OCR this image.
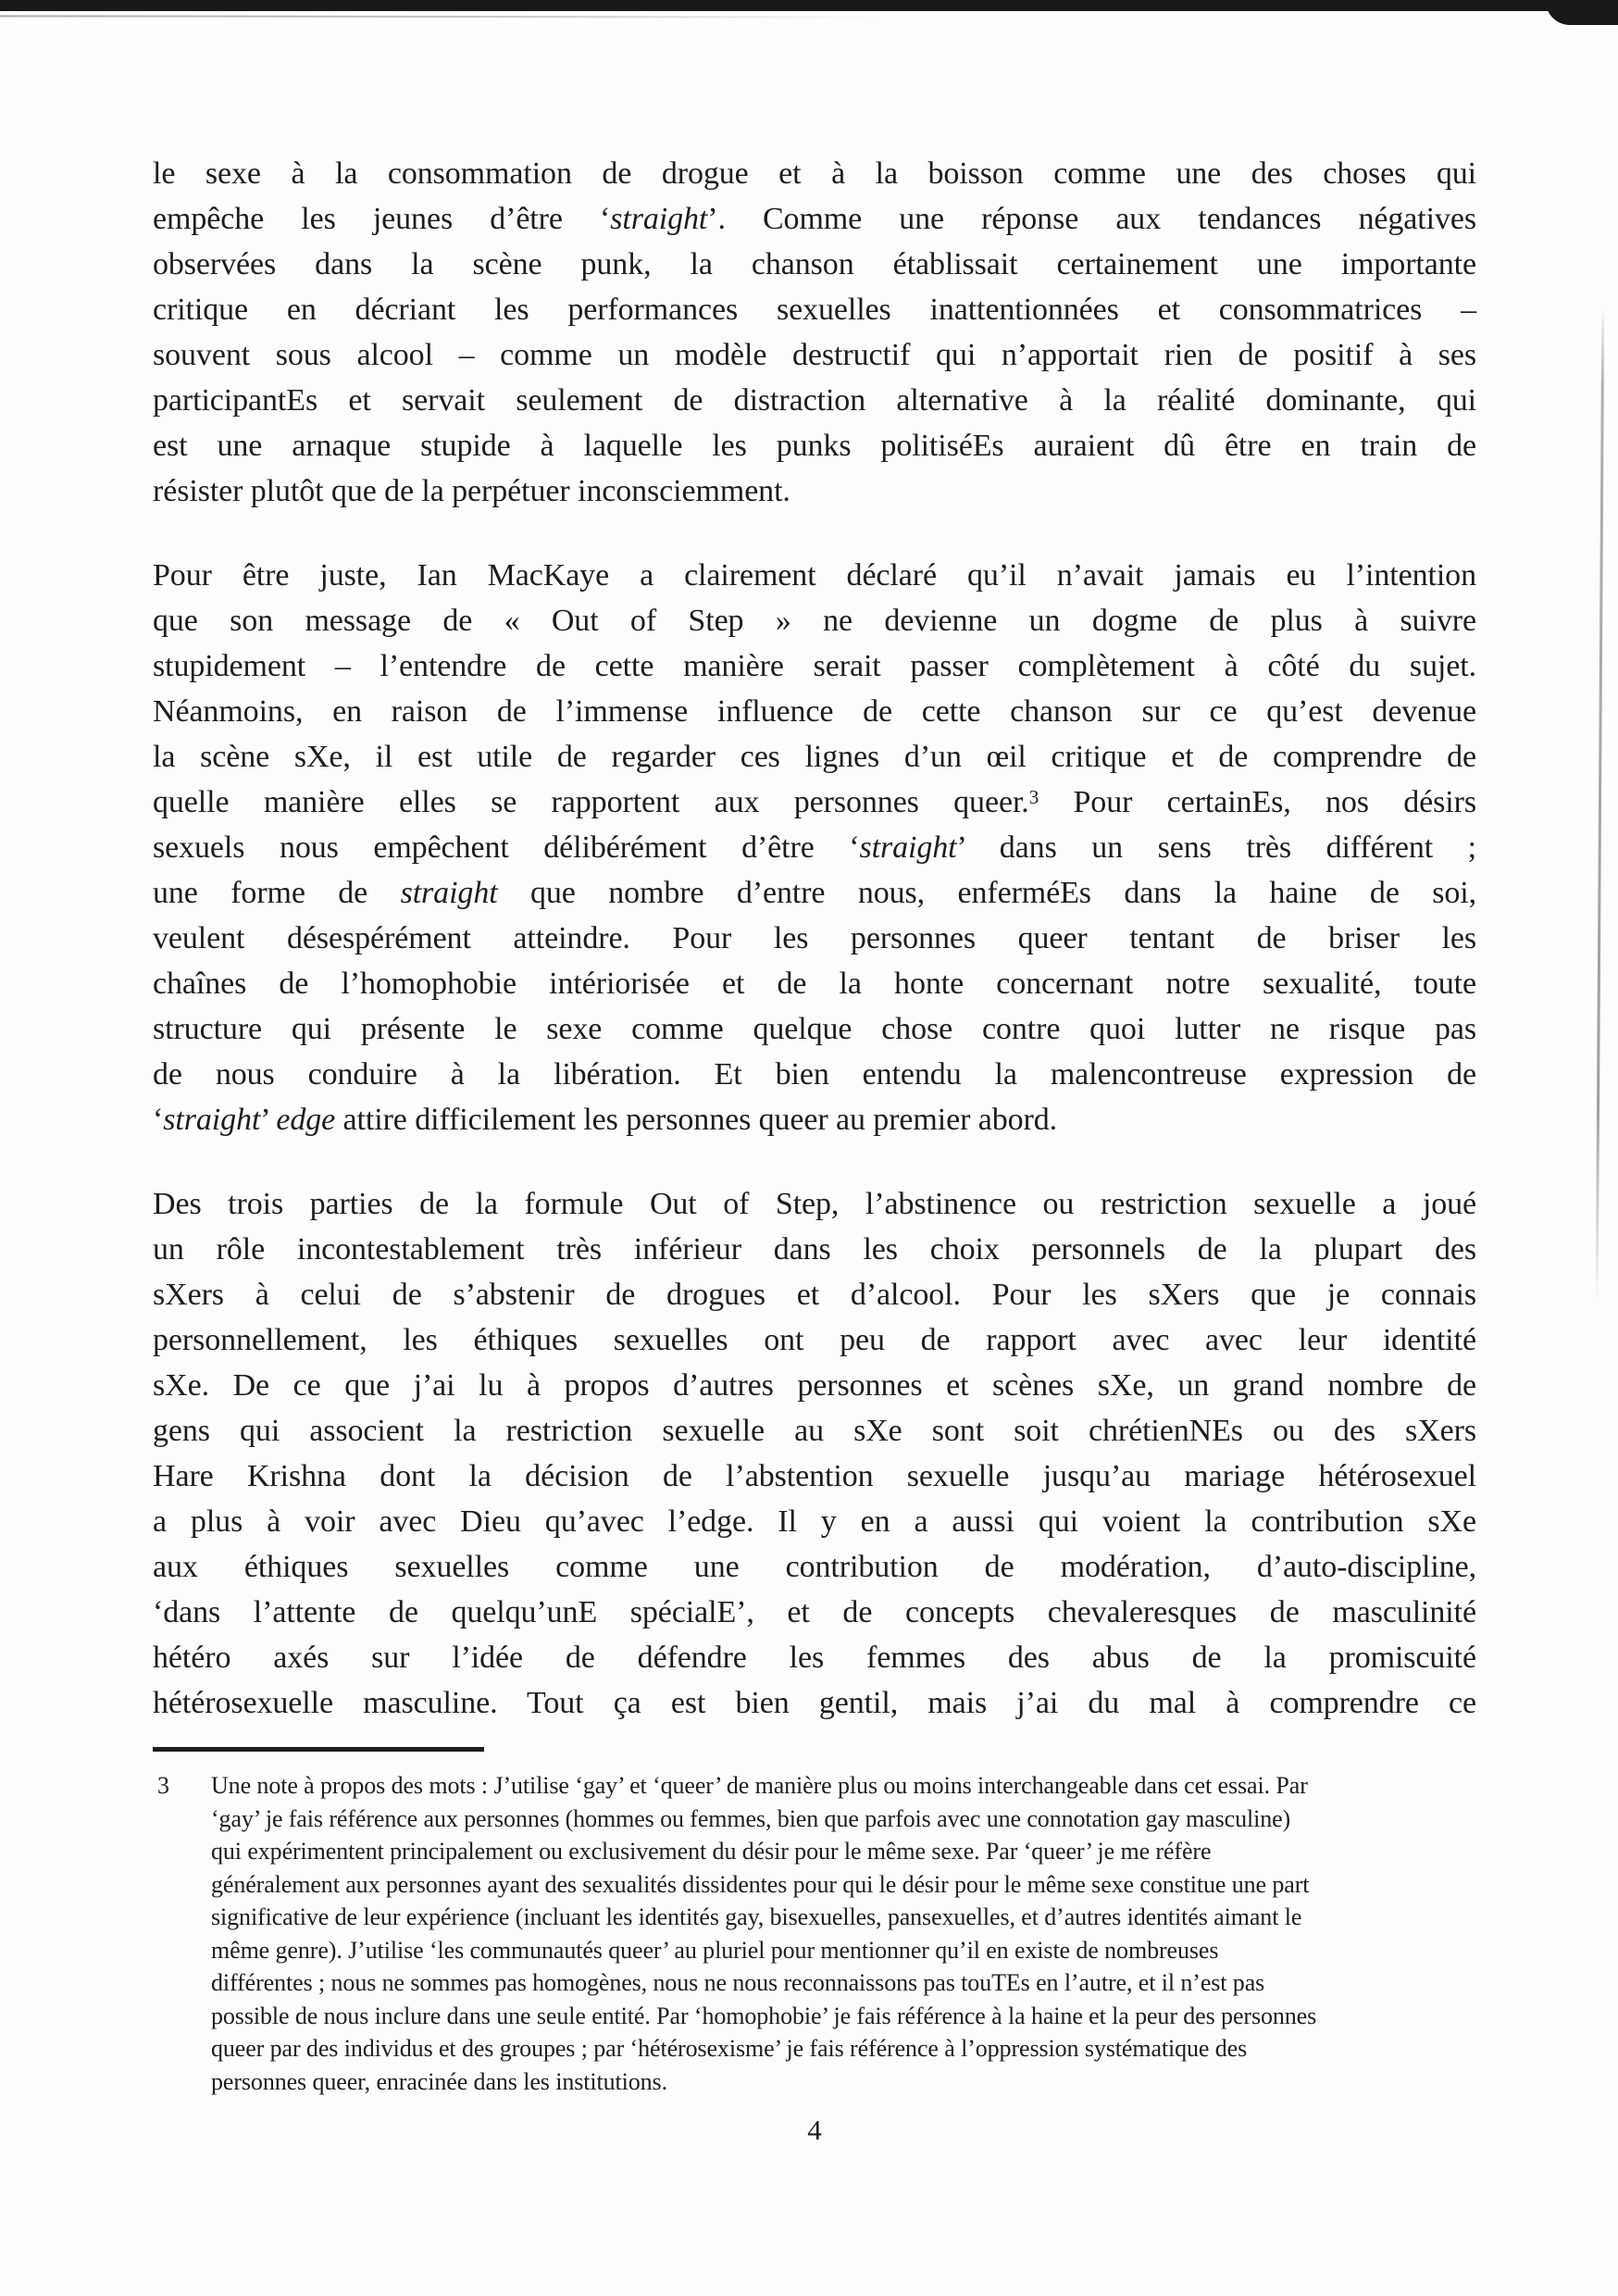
le sexe à la consommation de drogue et à la boisson comme une des choses qui
empêche les jeunes d’être ‘straight’. Comme une réponse aux tendances négatives
observées dans la scène punk, la chanson établissait certainement une importante
critique en décriant les performances sexuelles inattentionnées et consommatrices –
souvent sous alcool – comme un modèle destructif qui n’apportait rien de positif à ses
participantEs et servait seulement de distraction alternative à la réalité dominante, qui
est une arnaque stupide à laquelle les punks politiséEs auraient dû être en train de
résister plutôt que de la perpétuer inconsciemment.
Pour être juste, Ian MacKaye a clairement déclaré qu’il n’avait jamais eu l’intention
que son message de « Out of Step » ne devienne un dogme de plus à suivre
stupidement – l’entendre de cette manière serait passer complètement à côté du sujet.
Néanmoins, en raison de l’immense influence de cette chanson sur ce qu’est devenue
la scène sXe, il est utile de regarder ces lignes d’un œil critique et de comprendre de
quelle manière elles se rapportent aux personnes queer.$^3$ Pour certainEs, nos désirs
sexuels nous empêchent délibérément d’être ‘straight’ dans un sens très différent ;
une forme de straight que nombre d’entre nous, enferméEs dans la haine de soi,
veulent désespérément atteindre. Pour les personnes queer tentant de briser les
chaînes de l’homophobie intériorisée et de la honte concernant notre sexualité, toute
structure qui présente le sexe comme quelque chose contre quoi lutter ne risque pas
de nous conduire à la libération. Et bien entendu la malencontreuse expression de
‘straight’ edge attire difficilement les personnes queer au premier abord.
Des trois parties de la formule Out of Step, l’abstinence ou restriction sexuelle a joué
un rôle incontestablement très inférieur dans les choix personnels de la plupart des
sXers à celui de s’abstenir de drogues et d’alcool. Pour les sXers que je connais
personnellement, les éthiques sexuelles ont peu de rapport avec avec leur identité
sXe. De ce que j’ai lu à propos d’autres personnes et scènes sXe, un grand nombre de
gens qui associent la restriction sexuelle au sXe sont soit chrétienNEs ou des sXers
Hare Krishna dont la décision de l’abstention sexuelle jusqu’au mariage hétérosexuel
a plus à voir avec Dieu qu’avec l’edge. Il y en a aussi qui voient la contribution sXe
aux éthiques sexuelles comme une contribution de modération, d’auto-discipline,
‘dans l’attente de quelqu’unE spécialE’, et de concepts chevaleresques de masculinité
hétéro axés sur l’idée de défendre les femmes des abus de la promiscuité
hétérosexuelle masculine. Tout ça est bien gentil, mais j’ai du mal à comprendre ce
3 Une note à propos des mots : J’utilise ‘gay’ et ‘queer’ de manière plus ou moins interchangeable dans cet essai. Par
‘gay’ je fais référence aux personnes (hommes ou femmes, bien que parfois avec une connotation gay masculine)
qui expérimentent principalement ou exclusivement du désir pour le même sexe. Par ‘queer’ je me réfère
généralement aux personnes ayant des sexualités dissidentes pour qui le désir pour le même sexe constitue une part
significative de leur expérience (incluant les identités gay, bisexuelles, pansexuelles, et d’autres identités aimant le
même genre). J’utilise ‘les communautés queer’ au pluriel pour mentionner qu’il en existe de nombreuses
différentes ; nous ne sommes pas homogènes, nous ne nous reconnaissons pas touTEs en l’autre, et il n’est pas
possible de nous inclure dans une seule entité. Par ‘homophobie’ je fais référence à la haine et la peur des personnes
queer par des individus et des groupes ; par ‘hétérosexisme’ je fais référence à l’oppression systématique des
personnes queer, enracinée dans les institutions.
4
